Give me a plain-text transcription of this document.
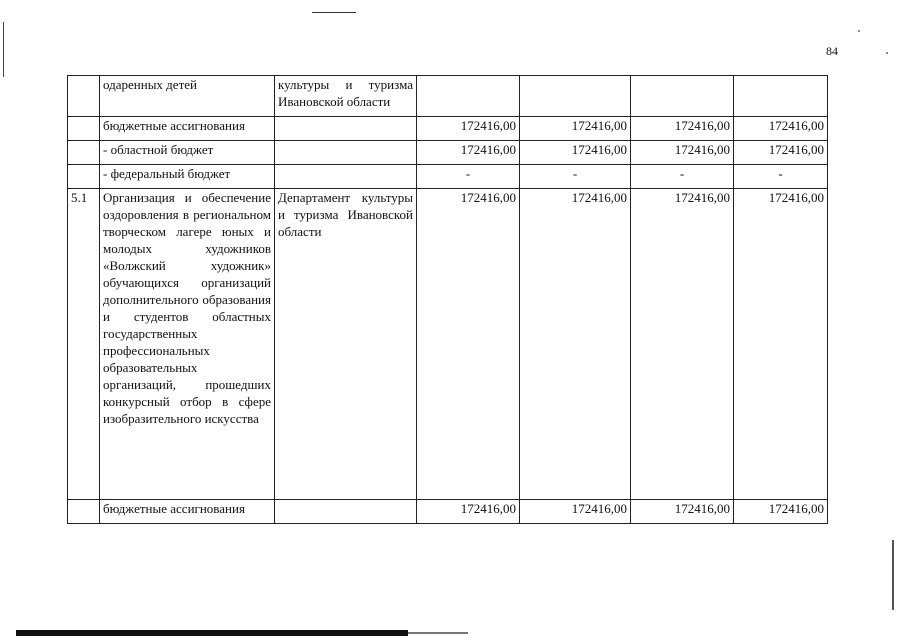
84
	одаренных детей	культуры и туризма Ивановской области				
	бюджетные ассигнования		172416,00	172416,00	172416,00	172416,00
	- областной бюджет		172416,00	172416,00	172416,00	172416,00
	- федеральный бюджет		-	-	-	-
5.1	Организация и обеспечение оздоровления в региональном творческом лагере юных и молодых художников «Волжский художник» обучающихся организаций дополнительного образования и студентов областных государственных профессиональных образовательных организаций, прошедших конкурсный отбор в сфере изобразительного искусства	Департамент культуры и туризма Ивановской области	172416,00	172416,00	172416,00	172416,00
	бюджетные ассигнования		172416,00	172416,00	172416,00	172416,00
